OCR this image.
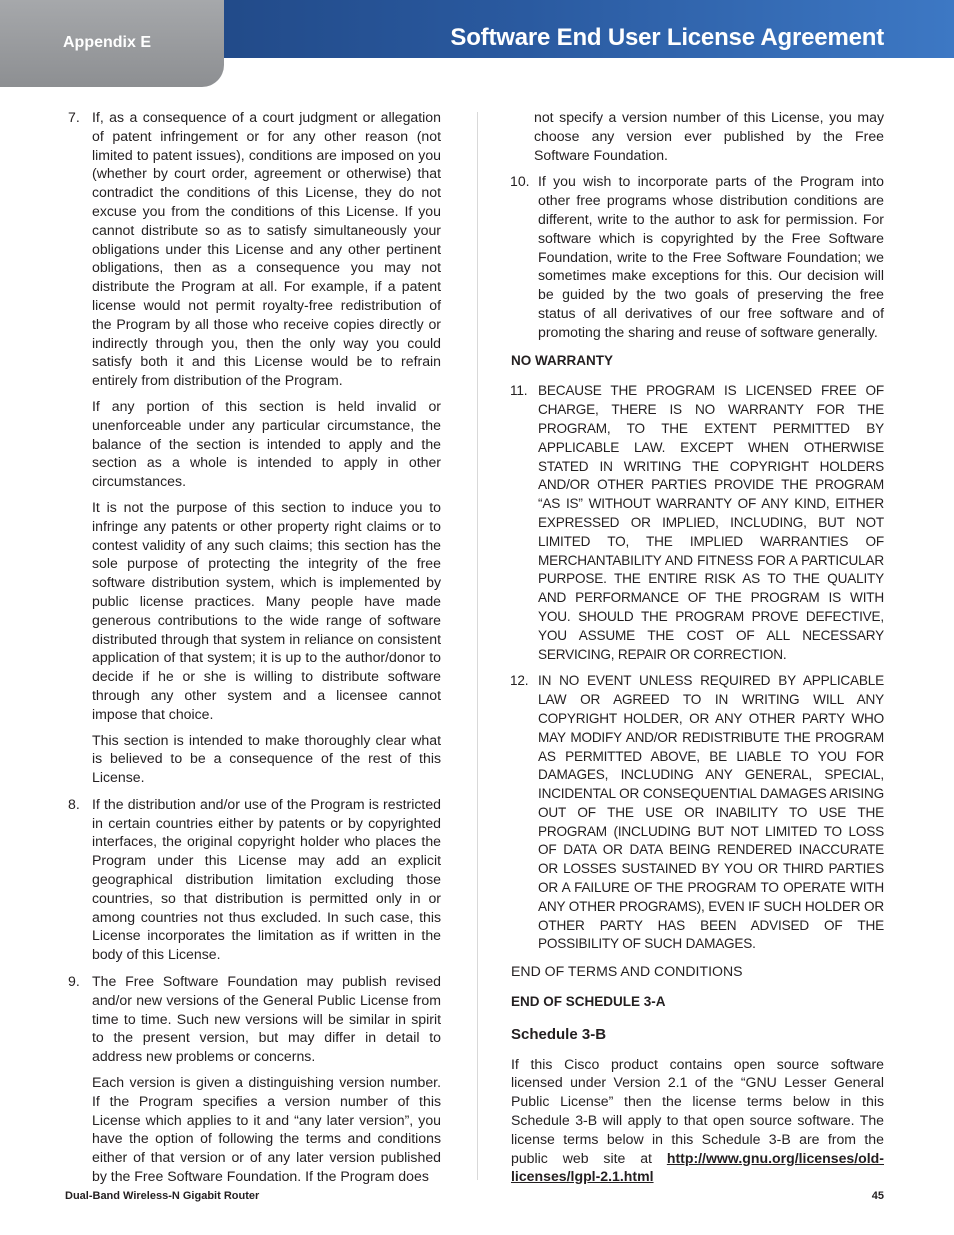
Software End User License Agreement
Appendix E
7. If, as a consequence of a court judgment or allegation of patent infringement or for any other reason (not limited to patent issues), conditions are imposed on you (whether by court order, agreement or otherwise) that contradict the conditions of this License, they do not excuse you from the conditions of this License. If you cannot distribute so as to satisfy simultaneously your obligations under this License and any other pertinent obligations, then as a consequence you may not distribute the Program at all. For example, if a patent license would not permit royalty-free redistribution of the Program by all those who receive copies directly or indirectly through you, then the only way you could satisfy both it and this License would be to refrain entirely from distribution of the Program.

If any portion of this section is held invalid or unenforceable under any particular circumstance, the balance of the section is intended to apply and the section as a whole is intended to apply in other circumstances.

It is not the purpose of this section to induce you to infringe any patents or other property right claims or to contest validity of any such claims; this section has the sole purpose of protecting the integrity of the free software distribution system, which is implemented by public license practices. Many people have made generous contributions to the wide range of software distributed through that system in reliance on consistent application of that system; it is up to the author/donor to decide if he or she is willing to distribute software through any other system and a licensee cannot impose that choice.

This section is intended to make thoroughly clear what is believed to be a consequence of the rest of this License.

8. If the distribution and/or use of the Program is restricted in certain countries either by patents or by copyrighted interfaces, the original copyright holder who places the Program under this License may add an explicit geographical distribution limitation excluding those countries, so that distribution is permitted only in or among countries not thus excluded. In such case, this License incorporates the limitation as if written in the body of this License.

9. The Free Software Foundation may publish revised and/or new versions of the General Public License from time to time. Such new versions will be similar in spirit to the present version, but may differ in detail to address new problems or concerns.

Each version is given a distinguishing version number. If the Program specifies a version number of this License which applies to it and “any later version”, you have the option of following the terms and conditions either of that version or of any later version published by the Free Software Foundation. If the Program does

not specify a version number of this License, you may choose any version ever published by the Free Software Foundation.

10. If you wish to incorporate parts of the Program into other free programs whose distribution conditions are different, write to the author to ask for permission. For software which is copyrighted by the Free Software Foundation, write to the Free Software Foundation; we sometimes make exceptions for this. Our decision will be guided by the two goals of preserving the free status of all derivatives of our free software and of promoting the sharing and reuse of software generally.

NO WARRANTY
11. BECAUSE THE PROGRAM IS LICENSED FREE OF CHARGE, THERE IS NO WARRANTY FOR THE PROGRAM, TO THE EXTENT PERMITTED BY APPLICABLE LAW. EXCEPT WHEN OTHERWISE STATED IN WRITING THE COPYRIGHT HOLDERS AND/OR OTHER PARTIES PROVIDE THE PROGRAM “AS IS” WITHOUT WARRANTY OF ANY KIND, EITHER EXPRESSED OR IMPLIED, INCLUDING, BUT NOT LIMITED TO, THE IMPLIED WARRANTIES OF MERCHANTABILITY AND FITNESS FOR A PARTICULAR PURPOSE. THE ENTIRE RISK AS TO THE QUALITY AND PERFORMANCE OF THE PROGRAM IS WITH YOU. SHOULD THE PROGRAM PROVE DEFECTIVE, YOU ASSUME THE COST OF ALL NECESSARY SERVICING, REPAIR OR CORRECTION.

12. IN NO EVENT UNLESS REQUIRED BY APPLICABLE LAW OR AGREED TO IN WRITING WILL ANY COPYRIGHT HOLDER, OR ANY OTHER PARTY WHO MAY MODIFY AND/OR REDISTRIBUTE THE PROGRAM AS PERMITTED ABOVE, BE LIABLE TO YOU FOR DAMAGES, INCLUDING ANY GENERAL, SPECIAL, INCIDENTAL OR CONSEQUENTIAL DAMAGES ARISING OUT OF THE USE OR INABILITY TO USE THE PROGRAM (INCLUDING BUT NOT LIMITED TO LOSS OF DATA OR DATA BEING RENDERED INACCURATE OR LOSSES SUSTAINED BY YOU OR THIRD PARTIES OR A FAILURE OF THE PROGRAM TO OPERATE WITH ANY OTHER PROGRAMS), EVEN IF SUCH HOLDER OR OTHER PARTY HAS BEEN ADVISED OF THE POSSIBILITY OF SUCH DAMAGES.

END OF TERMS AND CONDITIONS

END OF SCHEDULE 3-A
Schedule 3-B

If this Cisco product contains open source software licensed under Version 2.1 of the “GNU Lesser General Public License” then the license terms below in this Schedule 3-B will apply to that open source software. The license terms below in this Schedule 3-B are from the public web site at http://www.gnu.org/licenses/old-licenses/lgpl-2.1.html

Dual-Band Wireless-N Gigabit Router	45
